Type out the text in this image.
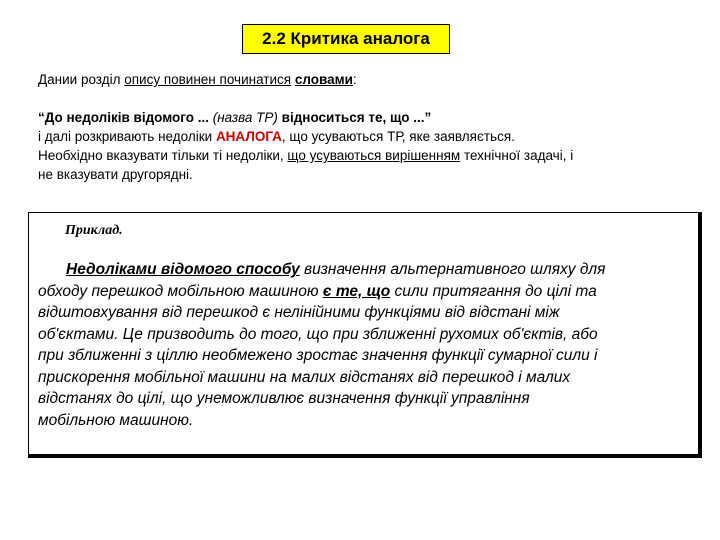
2.2 Критика аналога
Дании розділ опису повинен починатися словами:
“До недоліків відомого ... (назва ТР) відноситься те, що ...”
і далі розкривають недоліки АНАЛОГА, що усуваються ТР, яке заявляється.
Необхідно вказувати тільки ті недоліки, що усуваються вирішенням технічної задачі, і
не вказувати другорядні.
Приклад.
Недоліками відомого способу визначення альтернативного шляху для
обходу перешкод мобільною машиною є те, що сили притягання до цілі та
відштовхування від перешкод є нелінійними функціями від відстані між
об'єктами. Це призводить до того, що при зближенні рухомих об'єктів, або
при зближенні з ціллю необмежено зростає значення функції сумарної сили і
прискорення мобільної машини на малих відстанях від перешкод і малих
відстанях до цілі, що унеможливлює визначення функції управління
мобільною машиною.
